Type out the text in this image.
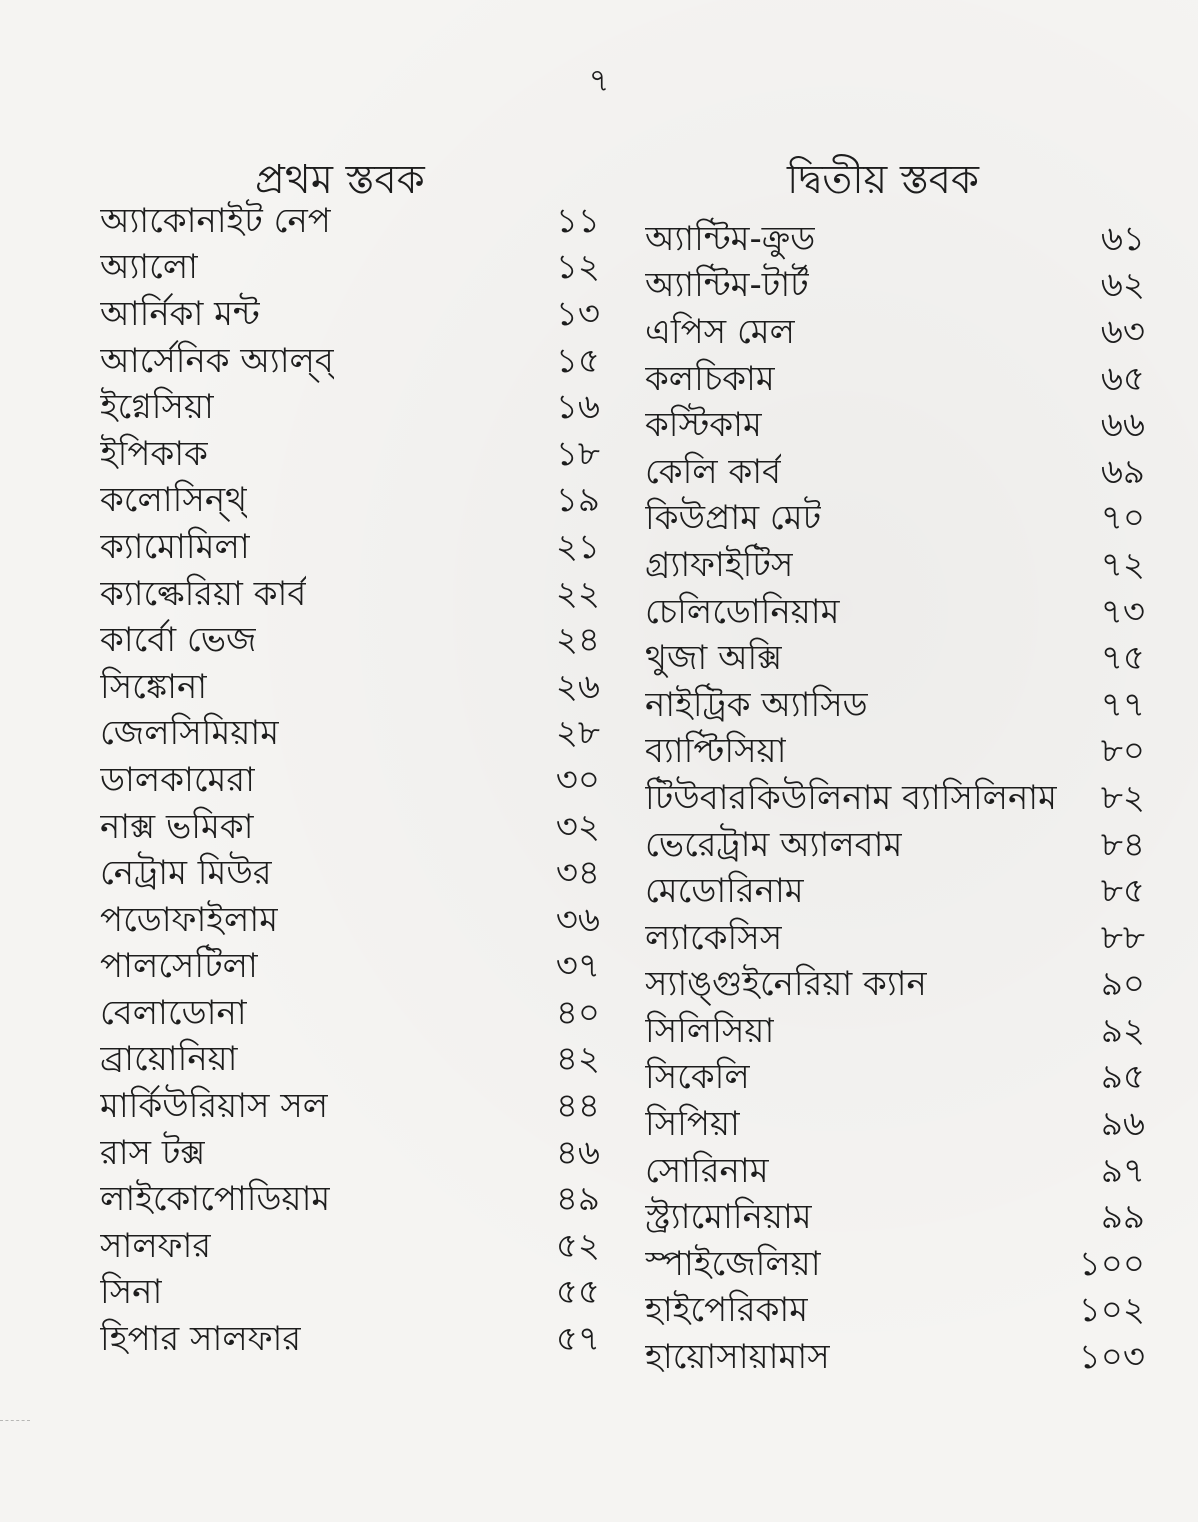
৭
প্রথম স্তবক	দ্বিতীয় স্তবক
অ্যাকোনাইট নেপ	১১
অ্যালো	১২
আর্নিকা মন্ট	১৩
আর্সেনিক অ্যাল্‌ব্‌	১৫
ইগ্নেসিয়া	১৬
ইপিকাক	১৮
কলোসিন্থ্‌	১৯
ক্যামোমিলা	২১
ক্যাল্কেরিয়া কার্ব	২২
কার্বো ভেজ	২৪
সিঙ্কোনা	২৬
জেলসিমিয়াম	২৮
ডালকামেরা	৩০
নাক্স ভমিকা	৩২
নেট্রাম মিউর	৩৪
পডোফাইলাম	৩৬
পালসেটিলা	৩৭
বেলাডোনা	৪০
ব্রায়োনিয়া	৪২
মার্কিউরিয়াস সল	৪৪
রাস টক্স	৪৬
লাইকোপোডিয়াম	৪৯
সালফার	৫২
সিনা	৫৫
হিপার সালফার	৫৭
অ্যান্টিম-ক্রুড	৬১
অ্যান্টিম-টার্ট	৬২
এপিস মেল	৬৩
কলচিকাম	৬৫
কস্টিকাম	৬৬
কেলি কার্ব	৬৯
কিউপ্রাম মেট	৭০
গ্র্যাফাইটিস	৭২
চেলিডোনিয়াম	৭৩
থুজা অক্সি	৭৫
নাইট্রিক অ্যাসিড	৭৭
ব্যাপ্টিসিয়া	৮০
টিউবারকিউলিনাম ব্যাসিলিনাম	৮২
ভেরেট্রাম অ্যালবাম	৮৪
মেডোরিনাম	৮৫
ল্যাকেসিস	৮৮
স্যাঙ্গুইনেরিয়া ক্যান	৯০
সিলিসিয়া	৯২
সিকেলি	৯৫
সিপিয়া	৯৬
সোরিনাম	৯৭
স্ট্র্যামোনিয়াম	৯৯
স্পাইজেলিয়া	১০০
হাইপেরিকাম	১০২
হায়োসায়ামাস	১০৩
